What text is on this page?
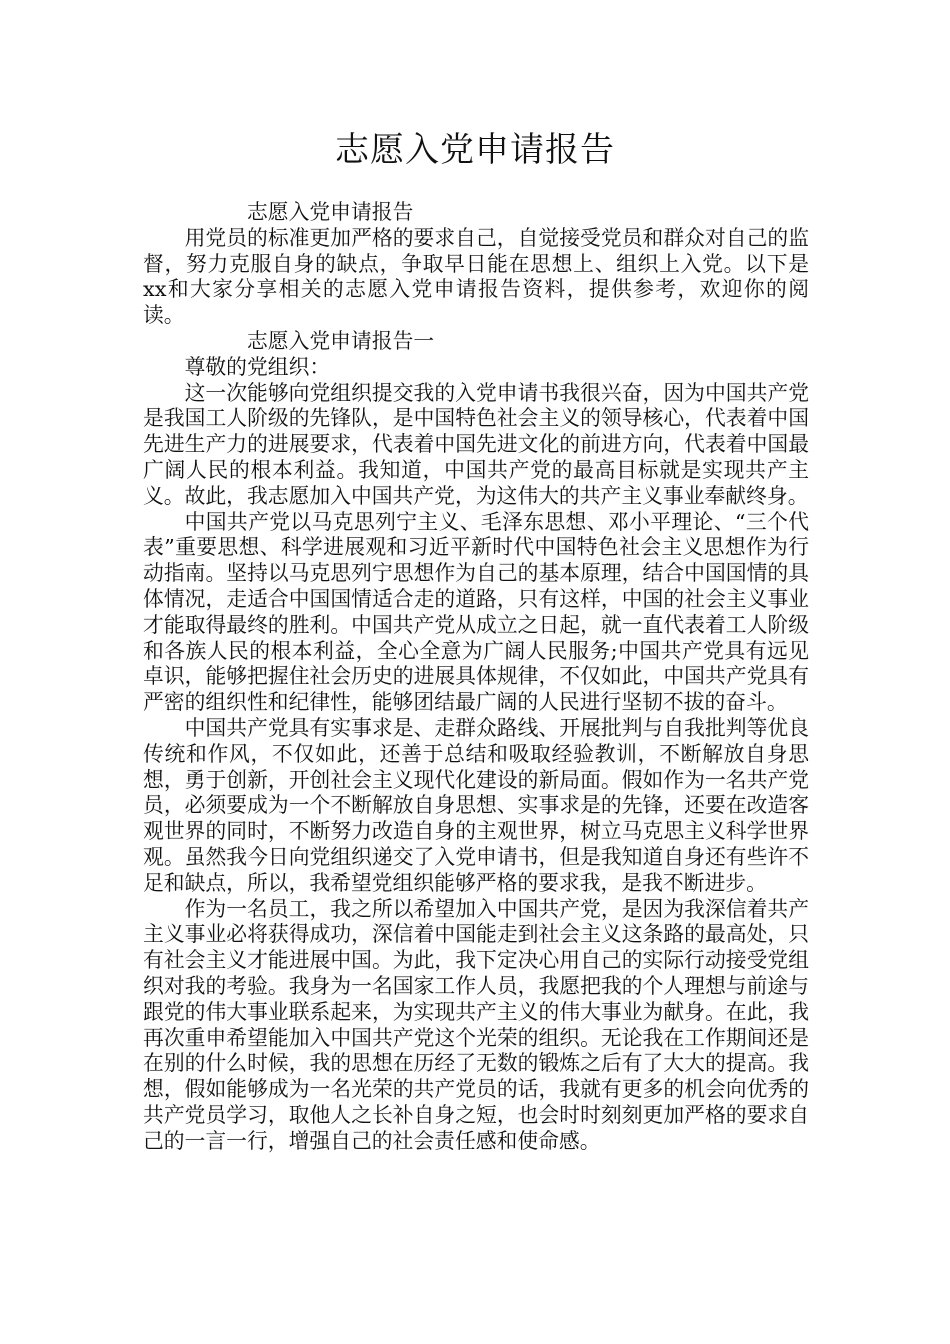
志愿入党申请报告

志愿入党申请报告

用党员的标准更加严格的要求自己，自觉接受党员和群众对自己的监督，努力克服自身的缺点，争取早日能在思想上、组织上入党。以下是xx和大家分享相关的志愿入党申请报告资料，提供参考，欢迎你的阅读。

志愿入党申请报告一

尊敬的党组织：

这一次能够向党组织提交我的入党申请书我很兴奋，因为中国共产党是我国工人阶级的先锋队，是中国特色社会主义的领导核心，代表着中国先进生产力的进展要求，代表着中国先进文化的前进方向，代表着中国最广阔人民的根本利益。我知道，中国共产党的最高目标就是实现共产主义。故此，我志愿加入中国共产党，为这伟大的共产主义事业奉献终身。

中国共产党以马克思列宁主义、毛泽东思想、邓小平理论、“三个代表”重要思想、科学进展观和习近平新时代中国特色社会主义思想作为行动指南。坚持以马克思列宁思想作为自己的基本原理，结合中国国情的具体情况，走适合中国国情适合走的道路，只有这样，中国的社会主义事业才能取得最终的胜利。中国共产党从成立之日起，就一直代表着工人阶级和各族人民的根本利益，全心全意为广阔人民服务;中国共产党具有远见卓识，能够把握住社会历史的进展具体规律，不仅如此，中国共产党具有严密的组织性和纪律性，能够团结最广阔的人民进行坚韧不拔的奋斗。

中国共产党具有实事求是、走群众路线、开展批判与自我批判等优良传统和作风，不仅如此，还善于总结和吸取经验教训，不断解放自身思想，勇于创新，开创社会主义现代化建设的新局面。假如作为一名共产党员，必须要成为一个不断解放自身思想、实事求是的先锋，还要在改造客观世界的同时，不断努力改造自身的主观世界，树立马克思主义科学世界观。虽然我今日向党组织递交了入党申请书，但是我知道自身还有些许不足和缺点，所以，我希望党组织能够严格的要求我，是我不断进步。

作为一名员工，我之所以希望加入中国共产党，是因为我深信着共产主义事业必将获得成功，深信着中国能走到社会主义这条路的最高处，只有社会主义才能进展中国。为此，我下定决心用自己的实际行动接受党组织对我的考验。我身为一名国家工作人员，我愿把我的个人理想与前途与跟党的伟大事业联系起来，为实现共产主义的伟大事业为献身。在此，我再次重申希望能加入中国共产党这个光荣的组织。无论我在工作期间还是在别的什么时候，我的思想在历经了无数的锻炼之后有了大大的提高。我想，假如能够成为一名光荣的共产党员的话，我就有更多的机会向优秀的共产党员学习，取他人之长补自身之短，也会时时刻刻更加严格的要求自己的一言一行，增强自己的社会责任感和使命感。
